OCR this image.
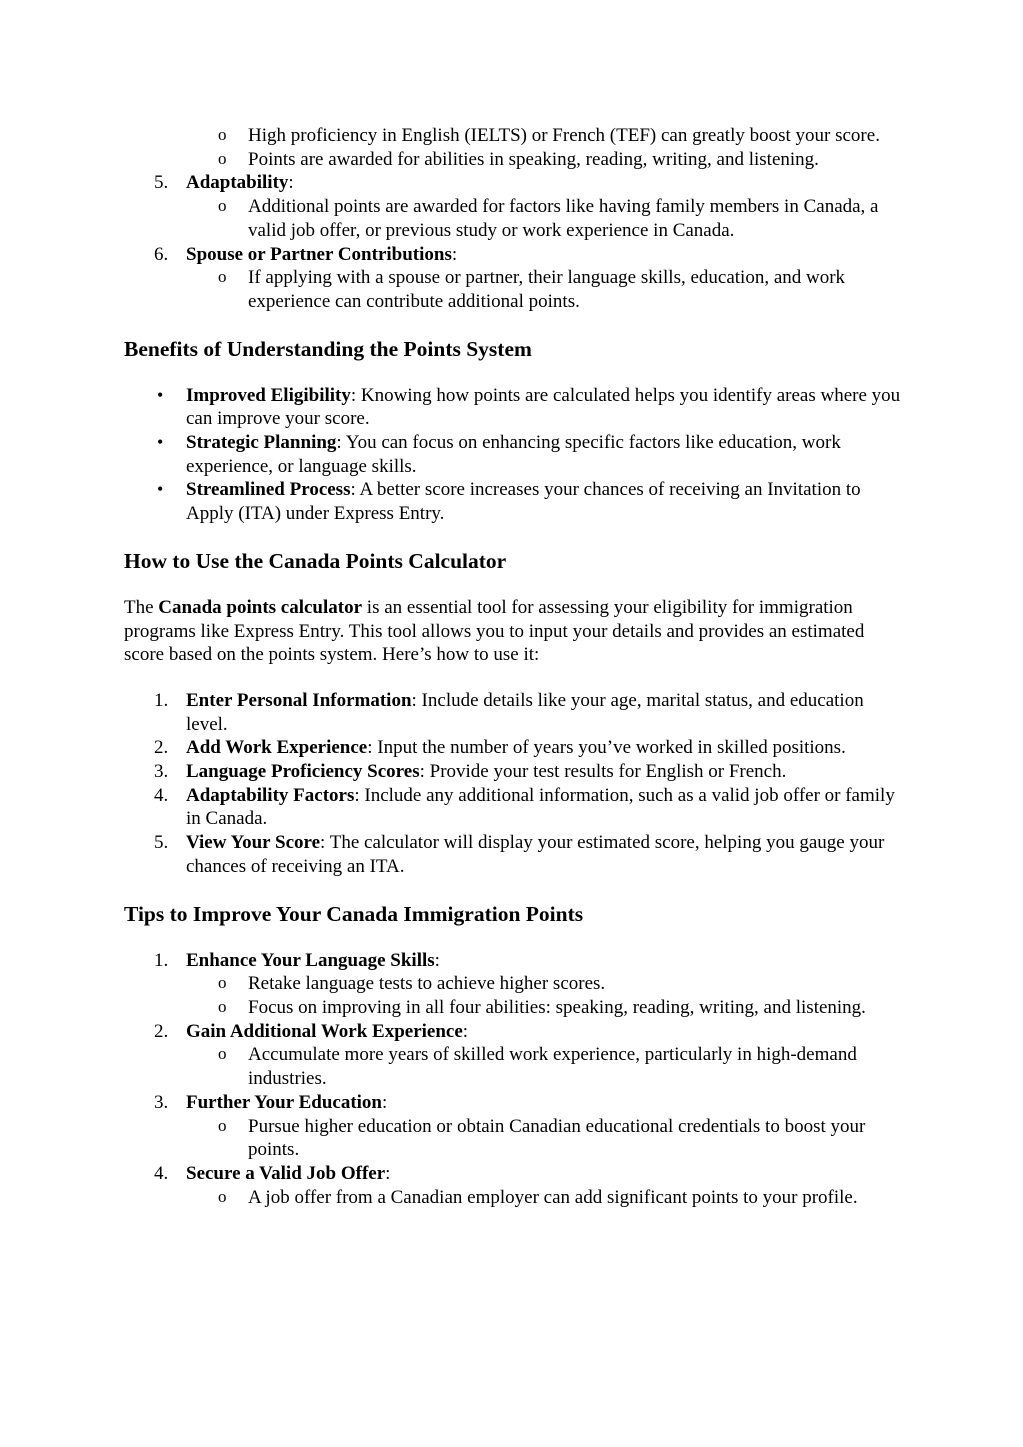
o High proficiency in English (IELTS) or French (TEF) can greatly boost your score.
o Points are awarded for abilities in speaking, reading, writing, and listening.
5. Adaptability:
o Additional points are awarded for factors like having family members in Canada, a valid job offer, or previous study or work experience in Canada.
6. Spouse or Partner Contributions:
o If applying with a spouse or partner, their language skills, education, and work experience can contribute additional points.
Benefits of Understanding the Points System
• Improved Eligibility: Knowing how points are calculated helps you identify areas where you can improve your score.
• Strategic Planning: You can focus on enhancing specific factors like education, work experience, or language skills.
• Streamlined Process: A better score increases your chances of receiving an Invitation to Apply (ITA) under Express Entry.
How to Use the Canada Points Calculator

The Canada points calculator is an essential tool for assessing your eligibility for immigration programs like Express Entry. This tool allows you to input your details and provides an estimated score based on the points system. Here’s how to use it:

1. Enter Personal Information: Include details like your age, marital status, and education level.
2. Add Work Experience: Input the number of years you’ve worked in skilled positions.
3. Language Proficiency Scores: Provide your test results for English or French.
4. Adaptability Factors: Include any additional information, such as a valid job offer or family in Canada.
5. View Your Score: The calculator will display your estimated score, helping you gauge your chances of receiving an ITA.
Tips to Improve Your Canada Immigration Points
1. Enhance Your Language Skills:
o Retake language tests to achieve higher scores.
o Focus on improving in all four abilities: speaking, reading, writing, and listening.
2. Gain Additional Work Experience:
o Accumulate more years of skilled work experience, particularly in high-demand industries.
3. Further Your Education:
o Pursue higher education or obtain Canadian educational credentials to boost your points.
4. Secure a Valid Job Offer:
o A job offer from a Canadian employer can add significant points to your profile.
